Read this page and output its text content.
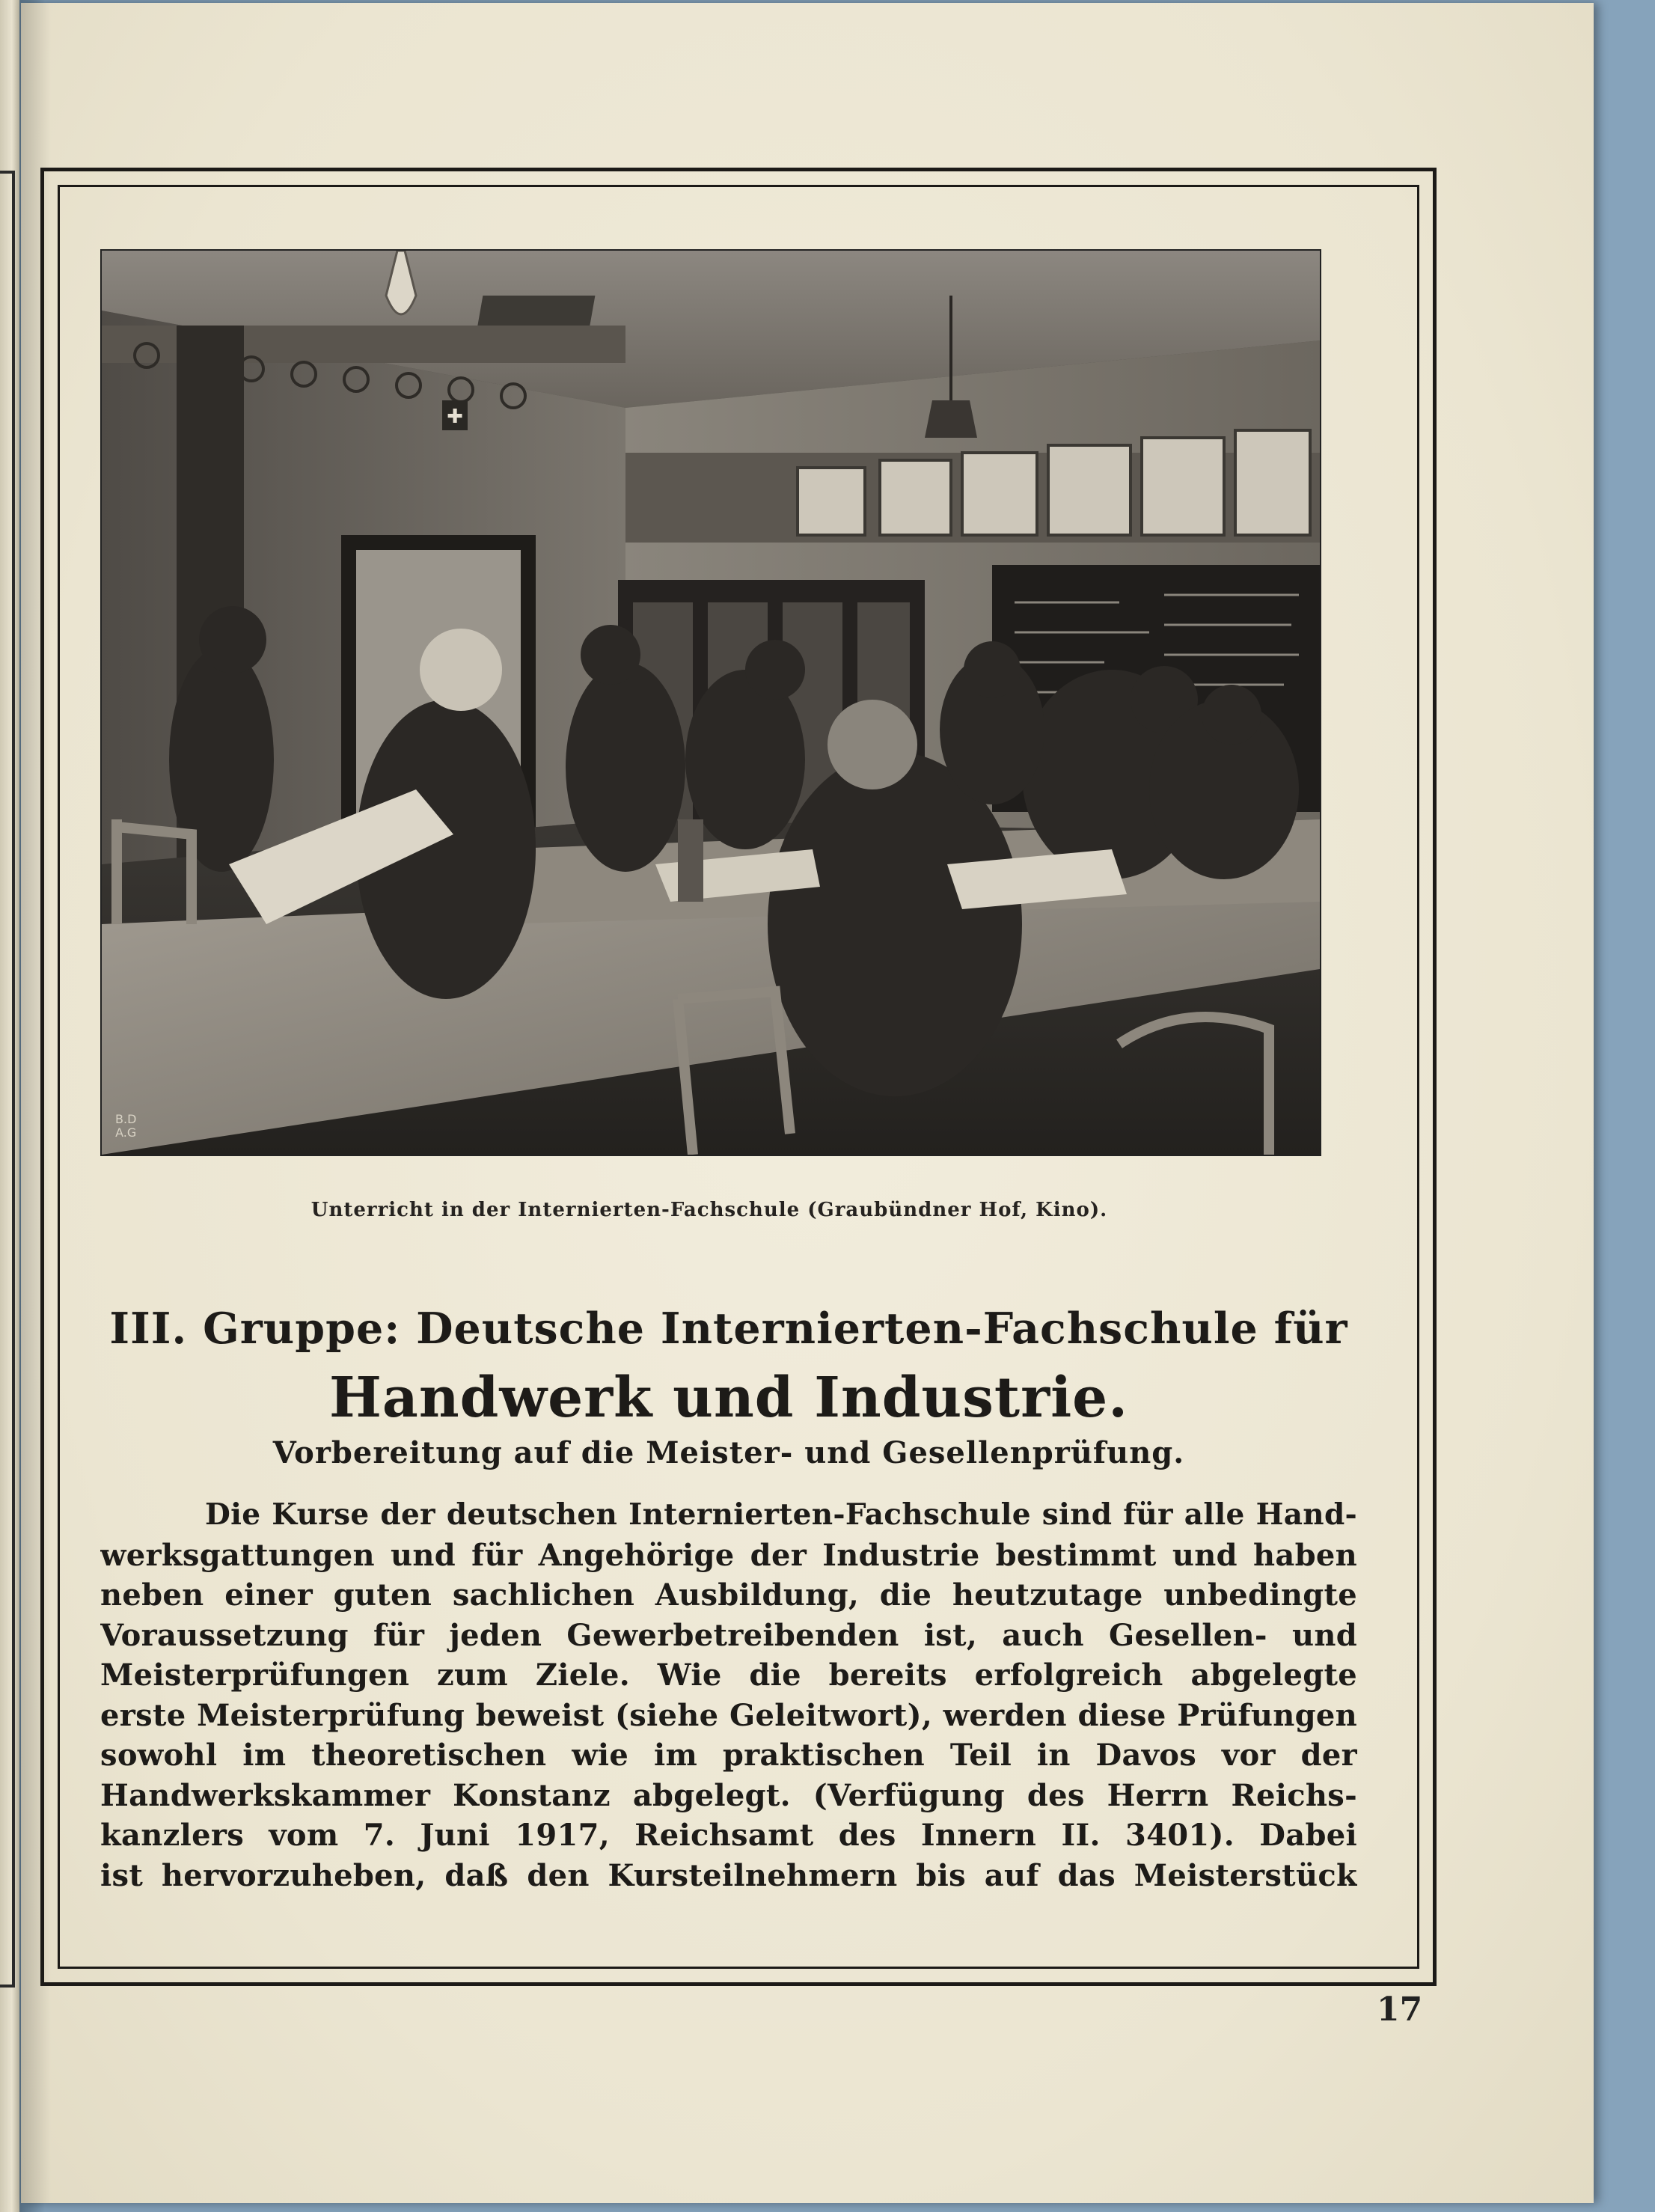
✚
B.D
A.G
Unterricht in der Internierten-Fachschule (Graubündner Hof, Kino).
III. Gruppe: Deutsche Internierten-Fachschule für
Handwerk und Industrie.
Vorbereitung auf die Meister- und Gesellenprüfung.
Die Kurse der deutschen Internierten-Fachschule sind für alle Hand-
werksgattungen und für Angehörige der Industrie bestimmt und haben
neben einer guten sachlichen Ausbildung, die heutzutage unbedingte
Voraussetzung für jeden Gewerbetreibenden ist, auch Gesellen- und
Meisterprüfungen zum Ziele. Wie die bereits erfolgreich abgelegte
erste Meisterprüfung beweist (siehe Geleitwort), werden diese Prüfungen
sowohl im theoretischen wie im praktischen Teil in Davos vor der
Handwerkskammer Konstanz abgelegt. (Verfügung des Herrn Reichs-
kanzlers vom 7. Juni 1917, Reichsamt des Innern II. 3401). Dabei
ist hervorzuheben, daß den Kursteilnehmern bis auf das Meisterstück
17
